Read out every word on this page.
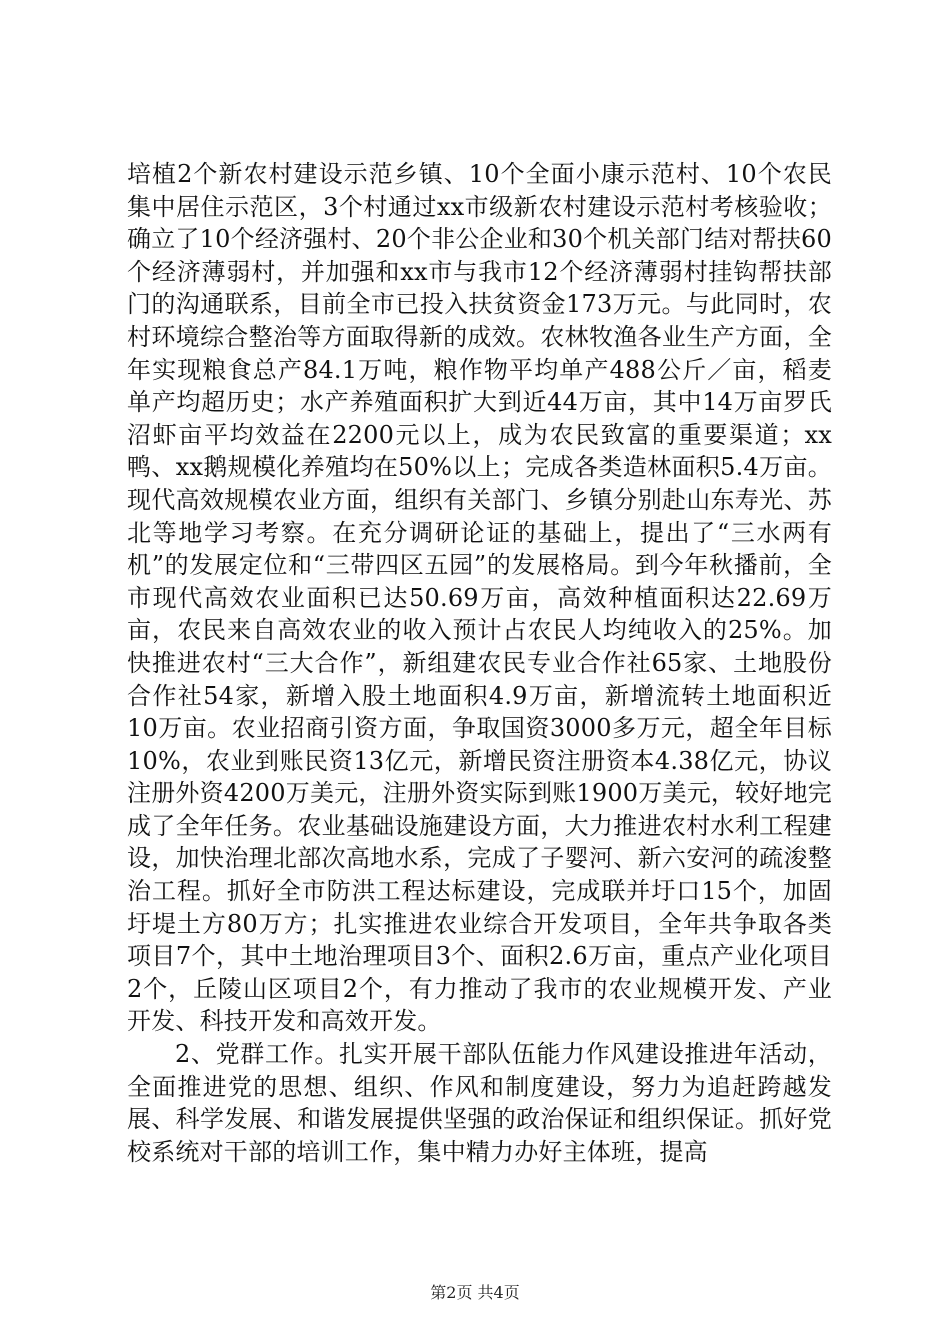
培植2个新农村建设示范乡镇、10个全面小康示范村、10个农民集中居住示范区，3个村通过xx市级新农村建设示范村考核验收；确立了10个经济强村、20个非公企业和30个机关部门结对帮扶60个经济薄弱村，并加强和xx市与我市12个经济薄弱村挂钩帮扶部门的沟通联系，目前全市已投入扶贫资金173万元。与此同时，农村环境综合整治等方面取得新的成效。农林牧渔各业生产方面，全年实现粮食总产84.1万吨，粮作物平均单产488公斤／亩，稻麦单产均超历史；水产养殖面积扩大到近44万亩，其中14万亩罗氏沼虾亩平均效益在2200元以上，成为农民致富的重要渠道；xx鸭、xx鹅规模化养殖均在50%以上；完成各类造林面积5.4万亩。现代高效规模农业方面，组织有关部门、乡镇分别赴山东寿光、苏北等地学习考察。在充分调研论证的基础上，提出了“三水两有机”的发展定位和“三带四区五园”的发展格局。到今年秋播前，全市现代高效农业面积已达50.69万亩，高效种植面积达22.69万亩，农民来自高效农业的收入预计占农民人均纯收入的25%。加快推进农村“三大合作”，新组建农民专业合作社65家、土地股份合作社54家，新增入股土地面积4.9万亩，新增流转土地面积近10万亩。农业招商引资方面，争取国资3000多万元，超全年目标10%，农业到账民资13亿元，新增民资注册资本4.38亿元，协议注册外资4200万美元，注册外资实际到账1900万美元，较好地完成了全年任务。农业基础设施建设方面，大力推进农村水利工程建设，加快治理北部次高地水系，完成了子婴河、新六安河的疏浚整治工程。抓好全市防洪工程达标建设，完成联并圩口15个，加固圩堤土方80万方；扎实推进农业综合开发项目，全年共争取各类项目7个，其中土地治理项目3个、面积2.6万亩，重点产业化项目2个，丘陵山区项目2个，有力推动了我市的农业规模开发、产业开发、科技开发和高效开发。

2、党群工作。扎实开展干部队伍能力作风建设推进年活动，全面推进党的思想、组织、作风和制度建设，努力为追赶跨越发展、科学发展、和谐发展提供坚强的政治保证和组织保证。抓好党校系统对干部的培训工作，集中精力办好主体班，提高

第2页 共4页
